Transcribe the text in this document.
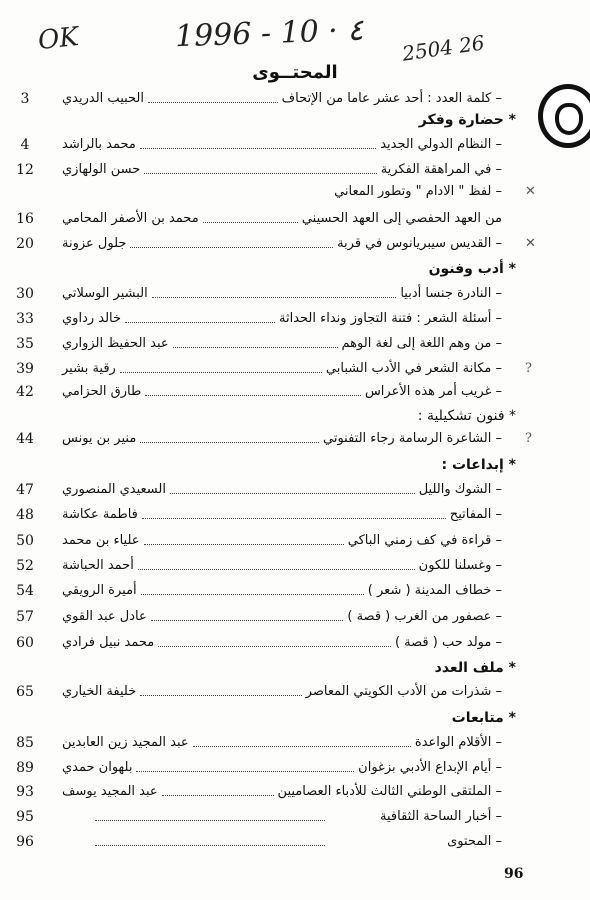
OK	1996 - 10 · ٤ 2504 26
المحتــوى
– كلمة العدد : أحد عشر عاما من الإتحاف
الحبيب الدريدي
3
* حضارة وفكر
– النظام الدولي الجديد
محمد بالراشد
4
– في المراهقة الفكرية
حسن الولهازي
12
– لفظ " الادام " وتطور المعاني ✕
من العهد الحفصي إلى العهد الحسيني
محمد بن الأصفر المحامي
16
– القديس سيبريانوس في قربة
جلول عزونة
20	✕
* أدب وفنون
– النادرة جنسا أدبيا
البشير الوسلاتي
30
– أسئلة الشعر : فتنة التجاوز ونداء الحداثة
خالد رداوي
33
– من وهم اللغة إلى لغة الوهم
عبد الحفيظ الزواري
35
– مكانة الشعر في الأدب الشبابي
رقية بشير
39	?
– غريب أمر هذه الأعراس
طارق الحزامي
42
* فنون تشكيلية :
– الشاعرة الرسامة رجاء التفنوتي
منير بن يونس
44	?
* إبداعات :
– الشوك والليل
السعيدي المنصوري
47
– المفاتيح
فاطمة عكاشة
48
– قراءة في كف زمني الباكي
علياء بن محمد
50
– وغسلنا للكون
أحمد الحباشة
52
– خطاف المدينة ( شعر )
أميرة الرويقي
54
– عصفور من الغرب ( قصة )
عادل عبد القوي
57
– مولد حب ( قصة )
محمد نبيل فرادي
60
* ملف العدد
– شذرات من الأدب الكويتي المعاصر
خليفة الخياري
65
* متابعات
– الأقلام الواعدة
عبد المجيد زين العابدين
85
– أيام الإبداع الأدبي بزغوان
بلهوان حمدي
89
– الملتقى الوطني الثالث للأدباء العصاميين
عبد المجيد يوسف
93
– أخبار الساحة الثقافية
95
– المحتوى
96
96
